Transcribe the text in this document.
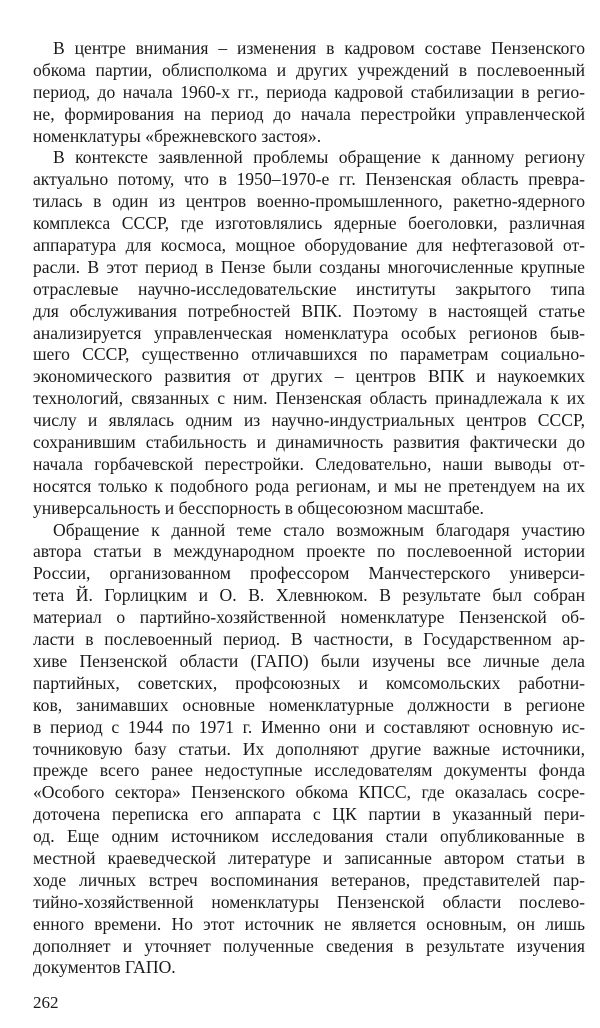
В центре внимания – изменения в кадровом составе Пензенского
обкома партии, облисполкома и других учреждений в послевоенный
период, до начала 1960-х гг., периода кадровой стабилизации в регио-
не, формирования на период до начала перестройки управленческой
номенклатуры «брежневского застоя».

В контексте заявленной проблемы обращение к данному региону
актуально потому, что в 1950–1970-е гг. Пензенская область превра-
тилась в один из центров военно-промышленного, ракетно-ядерного
комплекса СССР, где изготовлялись ядерные боеголовки, различная
аппаратура для космоса, мощное оборудование для нефтегазовой от-
расли. В этот период в Пензе были созданы многочисленные крупные
отраслевые научно-исследовательские институты закрытого типа
для обслуживания потребностей ВПК. Поэтому в настоящей статье
анализируется управленческая номенклатура особых регионов быв-
шего СССР, существенно отличавшихся по параметрам социально-
экономического развития от других – центров ВПК и наукоемких
технологий, связанных с ним. Пензенская область принадлежала к их
числу и являлась одним из научно-индустриальных центров СССР,
сохранившим стабильность и динамичность развития фактически до
начала горбачевской перестройки. Следовательно, наши выводы от-
носятся только к подобного рода регионам, и мы не претендуем на их
универсальность и бесспорность в общесоюзном масштабе.

Обращение к данной теме стало возможным благодаря участию
автора статьи в международном проекте по послевоенной истории
России, организованном профессором Манчестерского универси-
тета Й. Горлицким и О. В. Хлевнюком. В результате был собран
материал о партийно-хозяйственной номенклатуре Пензенской об-
ласти в послевоенный период. В частности, в Государственном ар-
хиве Пензенской области (ГАПО) были изучены все личные дела
партийных, советских, профсоюзных и комсомольских работни-
ков, занимавших основные номенклатурные должности в регионе
в период с 1944 по 1971 г. Именно они и составляют основную ис-
точниковую базу статьи. Их дополняют другие важные источники,
прежде всего ранее недоступные исследователям документы фонда
«Особого сектора» Пензенского обкома КПСС, где оказалась сосре-
доточена переписка его аппарата с ЦК партии в указанный пери-
од. Еще одним источником исследования стали опубликованные в
местной краеведческой литературе и записанные автором статьи в
ходе личных встреч воспоминания ветеранов, представителей пар-
тийно-хозяйственной номенклатуры Пензенской области послево-
енного времени. Но этот источник не является основным, он лишь
дополняет и уточняет полученные сведения в результате изучения
документов ГАПО.

262
